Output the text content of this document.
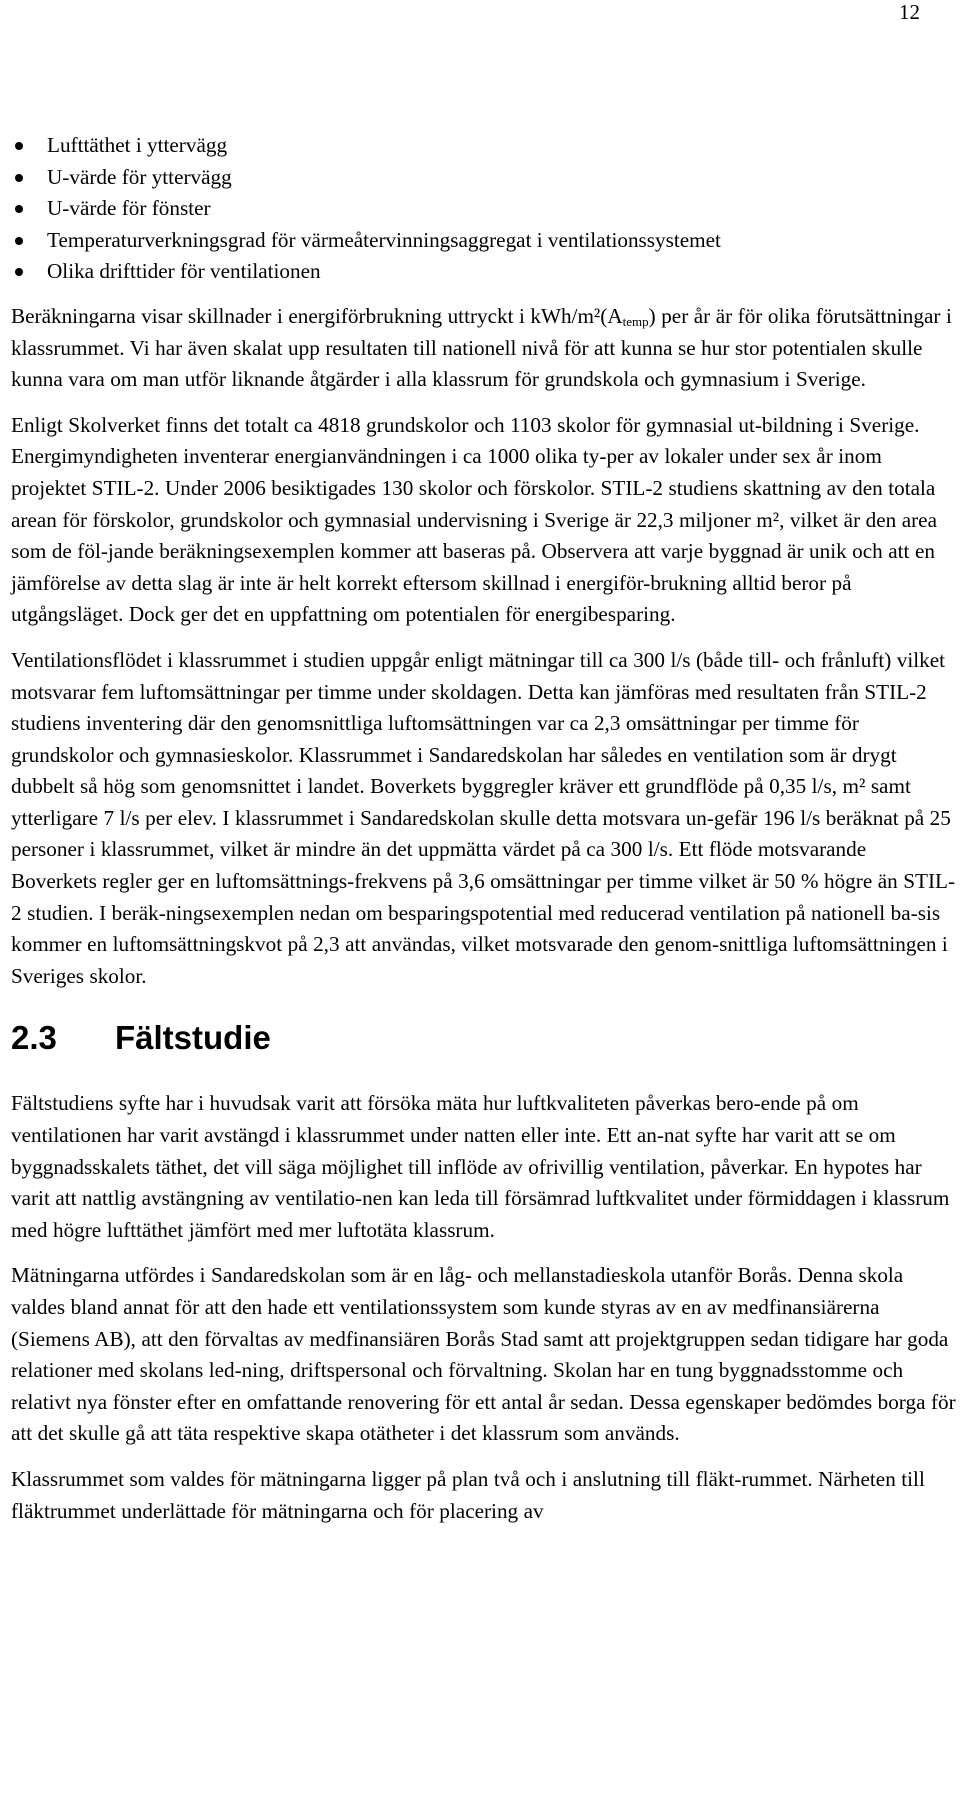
12
Lufttäthet i yttervägg
U-värde för yttervägg
U-värde för fönster
Temperaturverkningsgrad för värmeåtervinningsaggregat i ventilationssystemet
Olika drifttider för ventilationen

Beräkningarna visar skillnader i energiförbrukning uttryckt i kWh/$m^2(A_{temp})$ per år är för olika förutsättningar i klassrummet. Vi har även skalat upp resultaten till nationell nivå för att kunna se hur stor potentialen skulle kunna vara om man utför liknande åtgärder i alla klassrum för grundskola och gymnasium i Sverige.

Enligt Skolverket finns det totalt ca 4818 grundskolor och 1103 skolor för gymnasial ut-bildning i Sverige. Energimyndigheten inventerar energianvändningen i ca 1000 olika ty-per av lokaler under sex år inom projektet STIL-2. Under 2006 besiktigades 130 skolor och förskolor. STIL-2 studiens skattning av den totala arean för förskolor, grundskolor och gymnasial undervisning i Sverige är 22,3 miljoner m², vilket är den area som de föl-jande beräkningsexemplen kommer att baseras på. Observera att varje byggnad är unik och att en jämförelse av detta slag är inte är helt korrekt eftersom skillnad i energiför-brukning alltid beror på utgångsläget. Dock ger det en uppfattning om potentialen för energibesparing.

Ventilationsflödet i klassrummet i studien uppgår enligt mätningar till ca 300 l/s (både till- och frånluft) vilket motsvarar fem luftomsättningar per timme under skoldagen. Detta kan jämföras med resultaten från STIL-2 studiens inventering där den genomsnittliga luftomsättningen var ca 2,3 omsättningar per timme för grundskolor och gymnasieskolor. Klassrummet i Sandaredskolan har således en ventilation som är drygt dubbelt så hög som genomsnittet i landet. Boverkets byggregler kräver ett grundflöde på 0,35 l/s, m² samt ytterligare 7 l/s per elev. I klassrummet i Sandaredskolan skulle detta motsvara un-gefär 196 l/s beräknat på 25 personer i klassrummet, vilket är mindre än det uppmätta värdet på ca 300 l/s. Ett flöde motsvarande Boverkets regler ger en luftomsättnings-frekvens på 3,6 omsättningar per timme vilket är 50 % högre än STIL-2 studien. I beräk-ningsexemplen nedan om besparingspotential med reducerad ventilation på nationell ba-sis kommer en luftomsättningskvot på 2,3 att användas, vilket motsvarade den genom-snittliga luftomsättningen i Sveriges skolor.

2.3 Fältstudie

Fältstudiens syfte har i huvudsak varit att försöka mäta hur luftkvaliteten påverkas bero-ende på om ventilationen har varit avstängd i klassrummet under natten eller inte. Ett an-nat syfte har varit att se om byggnadsskalets täthet, det vill säga möjlighet till inflöde av ofrivillig ventilation, påverkar. En hypotes har varit att nattlig avstängning av ventilatio-nen kan leda till försämrad luftkvalitet under förmiddagen i klassrum med högre lufttäthet jämfört med mer luftotäta klassrum.

Mätningarna utfördes i Sandaredskolan som är en låg- och mellanstadieskola utanför Borås. Denna skola valdes bland annat för att den hade ett ventilationssystem som kunde styras av en av medfinansiärerna (Siemens AB), att den förvaltas av medfinansiären Borås Stad samt att projektgruppen sedan tidigare har goda relationer med skolans led-ning, driftspersonal och förvaltning. Skolan har en tung byggnadsstomme och relativt nya fönster efter en omfattande renovering för ett antal år sedan. Dessa egenskaper bedömdes borga för att det skulle gå att täta respektive skapa otätheter i det klassrum som används.

Klassrummet som valdes för mätningarna ligger på plan två och i anslutning till fläkt-rummet. Närheten till fläktrummet underlättade för mätningarna och för placering av
